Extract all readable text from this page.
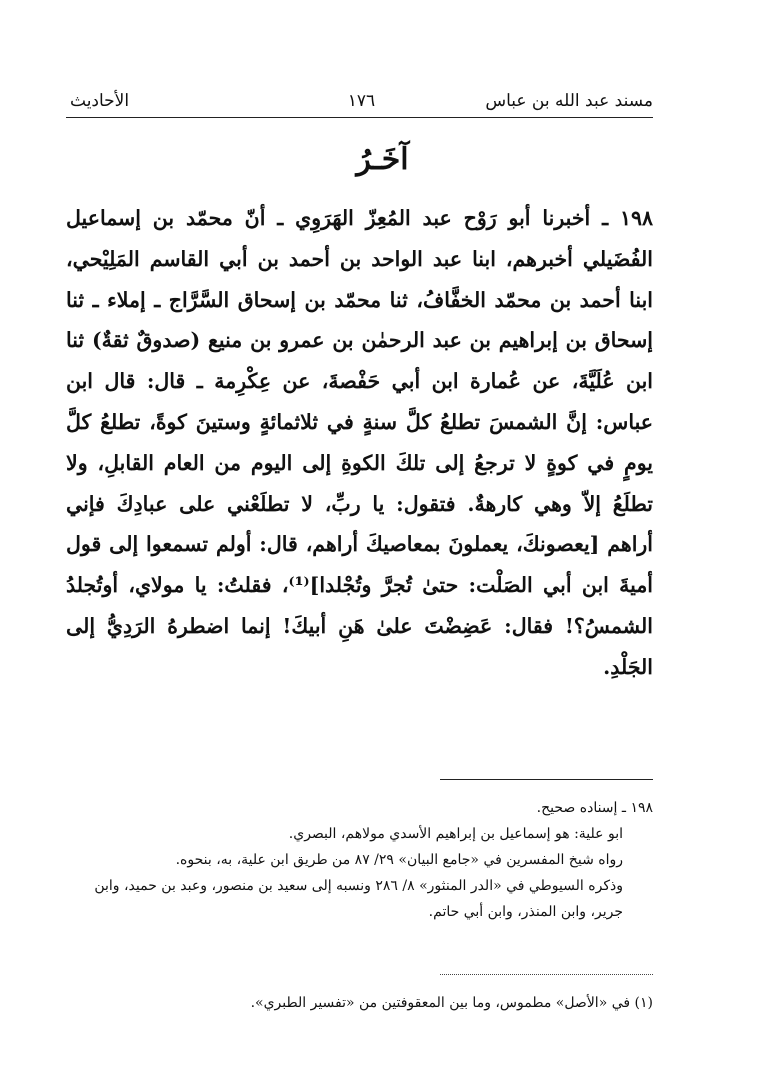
مسند عبد الله بن عباس
١٧٦
الأحاديث
آخَـرُ

١٩٨ ـ أخبرنا أبو رَوْح عبد المُعِزّ الهَرَوِي ـ أنّ محمّد بن إسماعيل الفُضَيلي أخبرهم، ابنا عبد الواحد بن أحمد بن أبي القاسم المَلِيْحي، ابنا أحمد بن محمّد الخفَّافُ، ثنا محمّد بن إسحاق السَّرَّاج ـ إملاء ـ ثنا إسحاق بن إبراهيم بن عبد الرحمٰن بن عمرو بن منيع (صدوقٌ ثقةٌ) ثنا ابن عُلَيَّةَ، عن عُمارة ابن أبي حَفْصةَ، عن عِكْرِمة ـ قال: قال ابن عباس: إنَّ الشمسَ تطلعُ كلَّ سنةٍ في ثلاثمائةٍ وستينَ كوةً، تطلعُ كلَّ يومٍ في كوةٍ لا ترجعُ إلى تلكَ الكوةِ إلى اليوم من العام القابلِ، ولا تطلَعُ إلاّ وهي كارهةٌ. فتقول: يا ربِّ، لا تطلَعْني على عبادِكَ فإني أراهم [يعصونكَ، يعملونَ بمعاصيكَ أراهم، قال: أولم تسمعوا إلى قول أميةَ ابن أبي الصَلْت: حتىٰ تُجرَّ وتُجْلدا]⁽¹⁾، فقلتُ: يا مولاي، أوتُجلدُ الشمسُ؟! فقال: عَضِضْتَ علىٰ هَنِ أبيكَ! إنما اضطرهُ الرَدِيُّ إلى الجَلْدِ.

١٩٨ ـ إسناده صحيح.

ابو علية: هو إسماعيل بن إبراهيم الأسدي مولاهم، البصري.

رواه شيخ المفسرين في «جامع البيان» ٢٩/ ٨٧ من طريق ابن علية، به، بنحوه.

وذكره السيوطي في «الدر المنثور» ٨/ ٢٨٦ ونسبه إلى سعيد بن منصور، وعبد بن حميد، وابن جرير، وابن المنذر، وابن أبي حاتم.

(١) في «الأصل» مطموس، وما بين المعقوفتين من «تفسير الطبري».
